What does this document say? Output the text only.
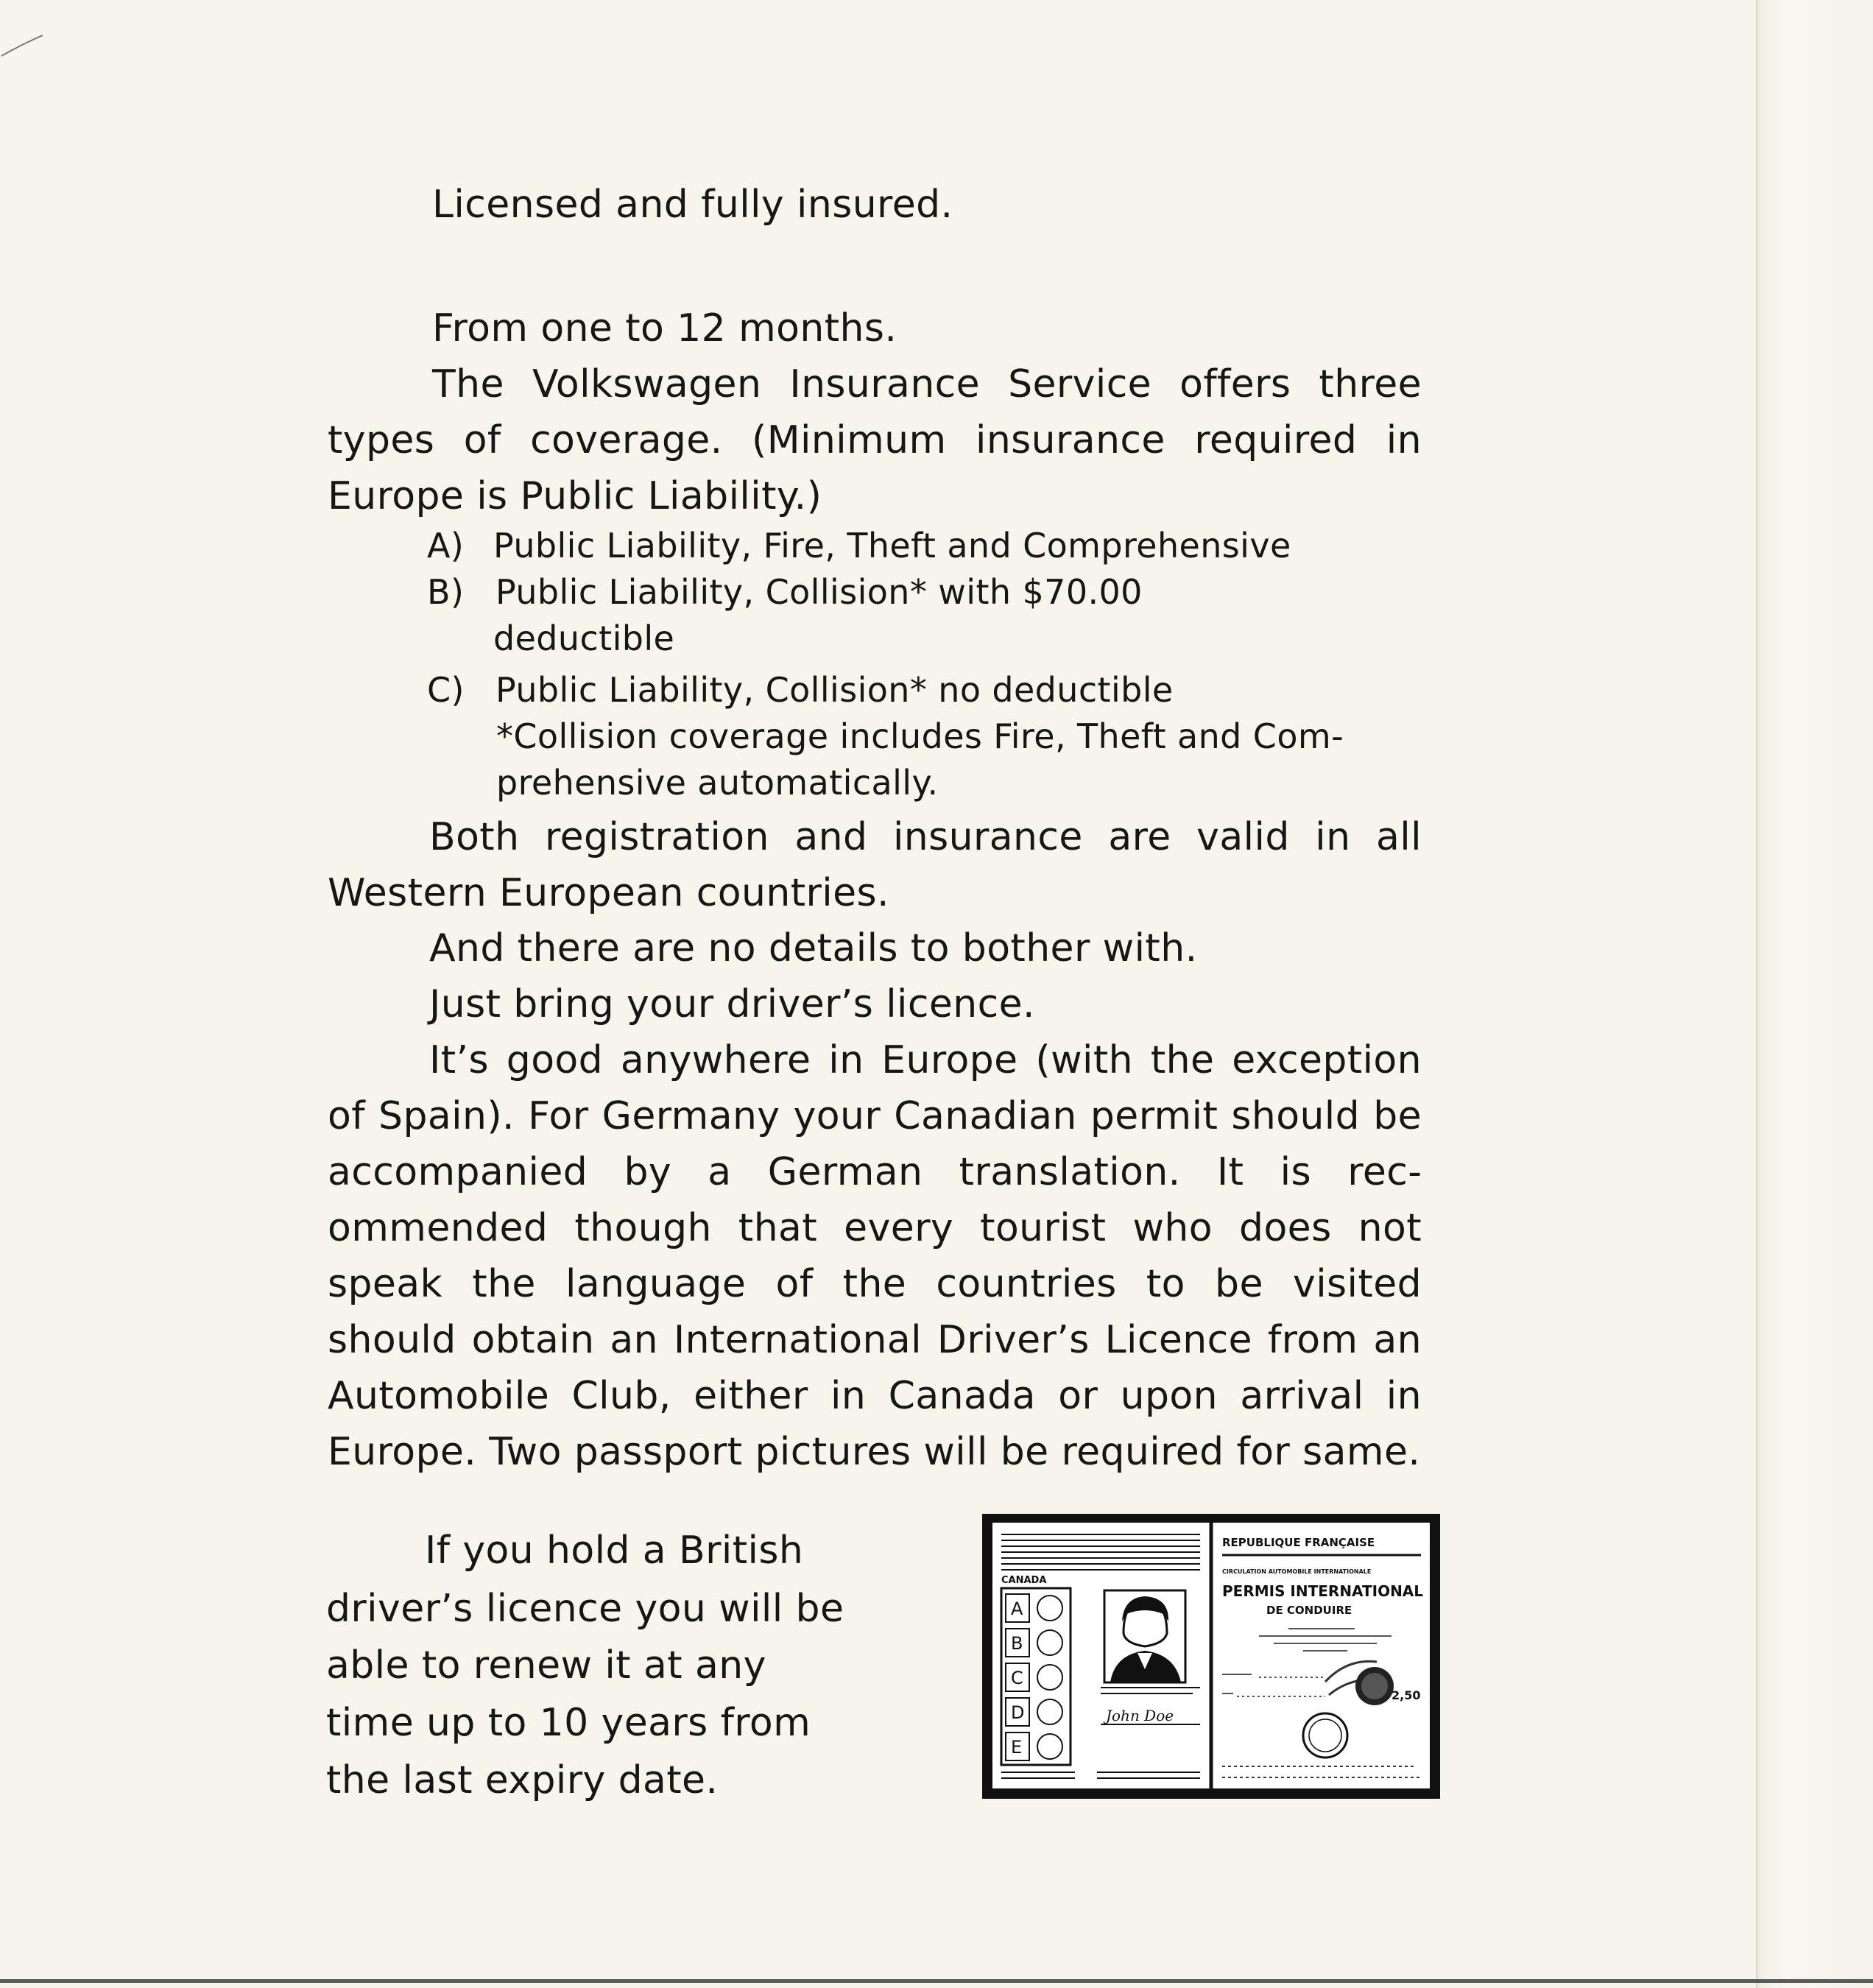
Licensed and fully insured.

From one to 12 months.

The Volkswagen Insurance Service offers three types of coverage. (Minimum insurance required in Europe is Public Liability.)

A) Public Liability, Fire, Theft and Comprehensive
B) Public Liability, Collision* with $70.00
deductible
C) Public Liability, Collision* no deductible
*Collision coverage includes Fire, Theft and Com-
prehensive automatically.

Both registration and insurance are valid in all Western European countries.

And there are no details to bother with.

Just bring your driver’s licence.

It’s good anywhere in Europe (with the exception of Spain). For Germany your Canadian permit should be accompanied by a German translation. It is recommended though that every tourist who does not speak the language of the countries to be visited should obtain an International Driver’s Licence from an Automobile Club, either in Canada or upon arrival in Europe. Two passport pictures will be required for same.

If you hold a British
driver’s licence you will be
able to renew it at any
time up to 10 years from
the last expiry date.
CANADA
A
B
C
D
E
John Doe
REPUBLIQUE FRANÇAISE
CIRCULATION AUTOMOBILE INTERNATIONALE
PERMIS INTERNATIONAL
DE CONDUIRE
2,50
